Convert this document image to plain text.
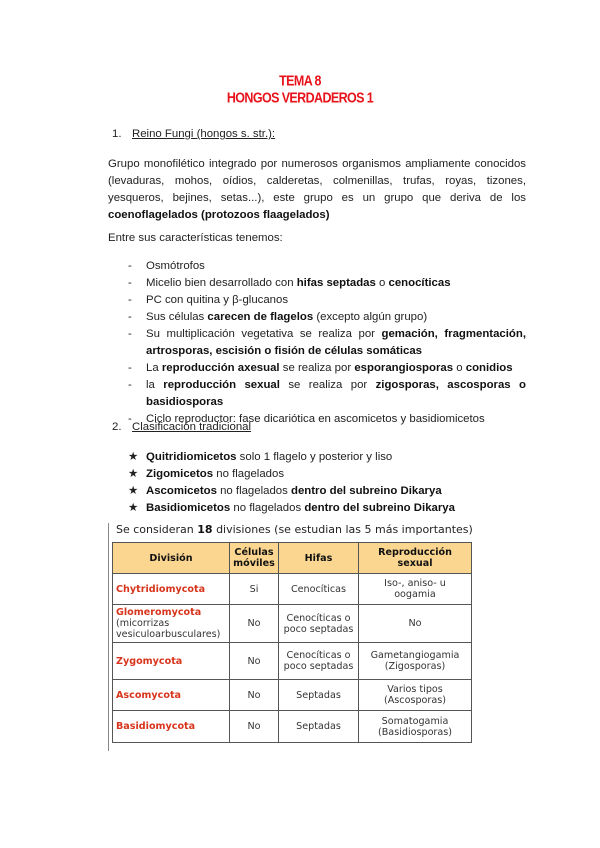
TEMA 8
HONGOS VERDADEROS 1
1. Reino Fungi (hongos s. str.):
Grupo monofilético integrado por numerosos organismos ampliamente conocidos (levaduras, mohos, oídios, calderetas, colmenillas, trufas, royas, tizones, yesqueros, bejines, setas...), este grupo es un grupo que deriva de los coenoflagelados (protozoos flaagelados)
Entre sus características tenemos:
- Osmótrofos
- Micelio bien desarrollado con hifas septadas o cenocíticas
- PC con quitina y β-glucanos
- Sus células carecen de flagelos (excepto algún grupo)
- Su multiplicación vegetativa se realiza por gemación, fragmentación, artrosporas, escisión o fisión de células somáticas
- La reproducción axesual se realiza por esporangiosporas o conidios
- la reproducción sexual se realiza por zigosporas, ascosporas o basidiosporas
- Ciclo reproductor: fase dicariótica en ascomicetos y basidiomicetos
2. Clasificación tradicional
★ Quitridiomicetos solo 1 flagelo y posterior y liso
★ Zigomicetos no flagelados
★ Ascomicetos no flagelados dentro del subreino Dikarya
★ Basidiomicetos no flagelados dentro del subreino Dikarya
Se consideran 18 divisiones (se estudian las 5 más importantes)
División	Células móviles	Hifas	Reproducción sexual
Chytridiomycota	Si	Cenocíticas	Iso-, aniso- u oogamia
Glomeromycota
(micorrizas vesiculoarbusculares)	No	Cenocíticas o poco septadas	No
Zygomycota	No	Cenocíticas o poco septadas	Gametangiogamia (Zigosporas)
Ascomycota	No	Septadas	Varios tipos (Ascosporas)
Basidiomycota	No	Septadas	Somatogamia (Basidiosporas)
